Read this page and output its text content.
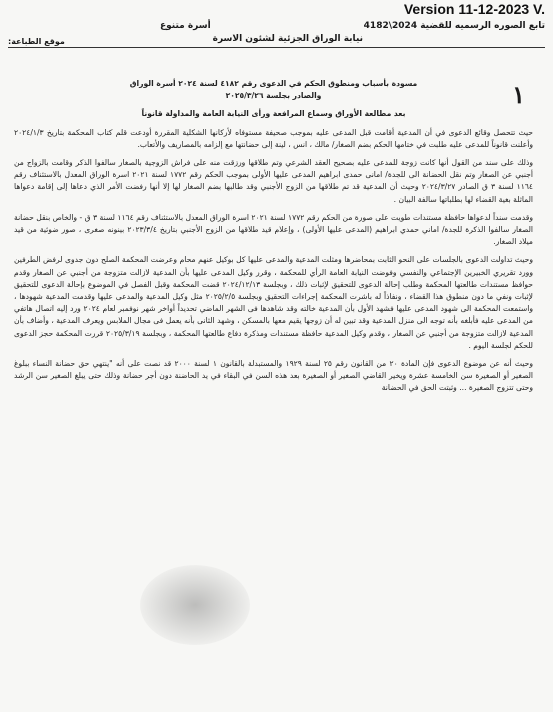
Version 11-12-2023 V.
تابع الصوره الرسميه للقضية 2024\4182
نيابة الوراق الجزئية لشئون الاسرة
أسرة متنوع
موقع الطباعة:
١

مسودة بأسباب ومنطوق الحكم في الدعوى رقم ٤١٨٢ لسنة ٢٠٢٤ أسرة الوراق

والصادر بجلسة ٢٠٢٥/٣/٢٦

بعد مطالعة الأوراق وسماع المرافعة ورأى النيابة العامة والمداولة قانوناً

حيث تتحصل وقائع الدعوى في أن المدعية أقامت قبل المدعى عليه بموجب صحيفة مستوفاه لأركانها الشكلية المقررة أودعت قلم كتاب المحكمة بتاريخ ٢٠٢٤/١/٣ وأعلنت قانوناً للمدعى عليه طلبت في ختامها الحكم بضم الصغار/ مالك ، انس ، لينة إلى حضانتها مع إلزامه بالمصاريف والأتعاب.

وذلك على سند من القول أنها كانت زوجة للمدعى عليه بصحيح العقد الشرعي وتم طلاقها ورزقت منه على فراش الزوجية بالصغار سالفوا الذكر وقامت بالزواج من أجنبي عن الصغار وتم نقل الحضانة الى للجدة/ امانى حمدى ابراهيم المدعى عليها الأولى بموجب الحكم رقم ١٧٧٢ لسنة ٢٠٢١ اسرة الوراق المعدل بالاستئناف رقم ١١٦٤ لسنة ٣ ق الصادر ٢٠٢٤/٣/٢٧ وحيث أن المدعية قد تم طلاقها من الزوج الأجنبي وقد طالبها بضم الصغار لها إلا أنها رفضت الأمر الذي دعاها إلى إقامة دعواها الماثلة بغية القضاء لها بطلباتها سالفة البيان .

وقدمت سنداً لدعواها حافظة مستندات طويت على صورة من الحكم رقم ١٧٧٢ لسنة ٢٠٢١ اسرة الوراق المعدل بالاستئناف رقم ١١٦٤ لسنة ٣ ق - والخاص بنقل حضانة الصغار سالفوا الذكرة للجدة/ اماني حمدي ابراهيم (المدعى عليها الأولى) ، وإعلام قيد طلاقها من الزوج الأجنبي بتاريخ ٢٠٢٣/٣/٤ بينونه صغرى ، صور ضوئية من قيد ميلاد الصغار.

وحيث تداولت الدعوى بالجلسات على النحو الثابت بمحاضرها ومثلت المدعية والمدعى عليها كل بوكيل عنهم محام وعرضت المحكمة الصلح دون جدوى لرفض الطرفين وورد تقريري الخبيرين الإجتماعي والنفسي وفوضت النيابة العامة الرأي للمحكمة ، وقرر وكيل المدعى عليها بأن المدعية لازالت متزوجة من أجنبي عن الصغار وقدم حوافظ مستندات طالعتها المحكمة وطلب إحالة الدعوى للتحقيق لإثبات ذلك ، وبجلسة ٢٠٢٤/١٢/١٣ قضت المحكمة وقبل الفصل في الموضوع بإحالة الدعوى للتحقيق لإثبات ونفي ما دون منطوق هذا القضاء ، ونفاذاً له باشرت المحكمة إجراءات التحقيق وبجلسة ٢٠٢٥/٢/٥ مثل وكيل المدعية والمدعى عليها وقدمت المدعية شهودها ، واستمعت المحكمة الى شهود المدعى عليها فشهد الأول بأن المدعية خالته وقد شاهدها فى الشهر الماضي تحديداً أواخر شهر نوفمبر لعام ٢٠٢٤ ورد إليه اتصال هاتفي من المدعى عليه فأبلغه بأنه توجه الى منزل المدعية وقد تبين له أن زوجها يقيم معها بالمسكن ، وشهد الثانى بأنه يعمل فى مجال الملابس ويعرف المدعية ، وأضاف بأن المدعية لازالت متزوجة من أجنبي عن الصغار ، وقدم وكيل المدعية حافظة مستندات ومذكرة دفاع طالعتها المحكمة ، وبجلسة ٢٠٢٥/٣/١٩ قررت المحكمة حجز الدعوى للحكم لجلسة اليوم .

وحيث أنه عن موضوع الدعوى فإن المادة ٢٠ من القانون رقم ٢٥ لسنة ١٩٢٩ والمستبدلة بالقانون ١ لسنة ٢٠٠٠ قد نصت على أنه "ينتهي حق حضانة النساء ببلوغ الصغير أو الصغيرة سن الخامسة عشرة ويخير القاضي الصغير أو الصغيرة بعد هذه السن في البقاء في يد الحاضنة دون أجر حضانة وذلك حتى يبلغ الصغير سن الرشد وحتى تتزوج الصغيرة ... وثبتت الحق في الحضانة
